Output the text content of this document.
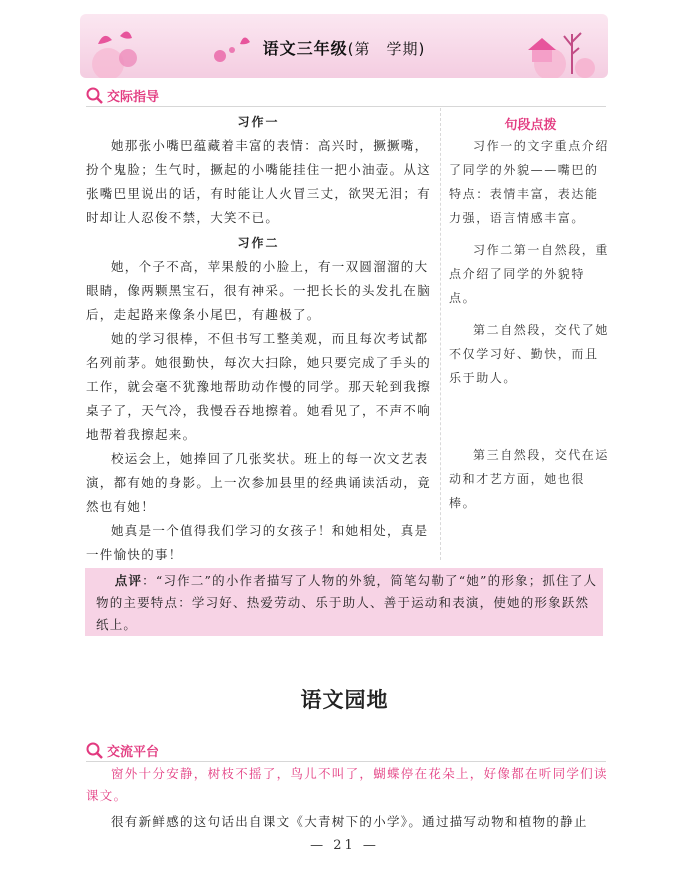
语文三年级(第　学期)
交际指导
习作一

她那张小嘴巴蕴藏着丰富的表情：高兴时，撅撅嘴，扮个鬼脸；生气时，撅起的小嘴能挂住一把小油壶。从这张嘴巴里说出的话，有时能让人火冒三丈，欲哭无泪；有时却让人忍俊不禁，大笑不已。

习作二

她，个子不高，苹果般的小脸上，有一双圆溜溜的大眼睛，像两颗黑宝石，很有神采。一把长长的头发扎在脑后，走起路来像条小尾巴，有趣极了。

她的学习很棒，不但书写工整美观，而且每次考试都名列前茅。她很勤快，每次大扫除，她只要完成了手头的工作，就会毫不犹豫地帮助动作慢的同学。那天轮到我擦桌子了，天气冷，我慢吞吞地擦着。她看见了，不声不响地帮着我擦起来。

校运会上，她捧回了几张奖状。班上的每一次文艺表演，都有她的身影。上一次参加县里的经典诵读活动，竟然也有她！

她真是一个值得我们学习的女孩子！和她相处，真是一件愉快的事！

句段点拨

习作一的文字重点介绍了同学的外貌——嘴巴的特点：表情丰富，表达能力强，语言情感丰富。

习作二第一自然段，重点介绍了同学的外貌特点。

第二自然段，交代了她不仅学习好、勤快，而且乐于助人。

第三自然段，交代在运动和才艺方面，她也很棒。

点评：“习作二”的小作者描写了人物的外貌，简笔勾勒了“她”的形象；抓住了人物的主要特点：学习好、热爱劳动、乐于助人、善于运动和表演，使她的形象跃然纸上。

语文园地
交流平台

窗外十分安静，树枝不摇了，鸟儿不叫了，蝴蝶停在花朵上，好像都在听同学们读课文。

很有新鲜感的这句话出自课文《大青树下的小学》。通过描写动物和植物的静止

— 21 —
